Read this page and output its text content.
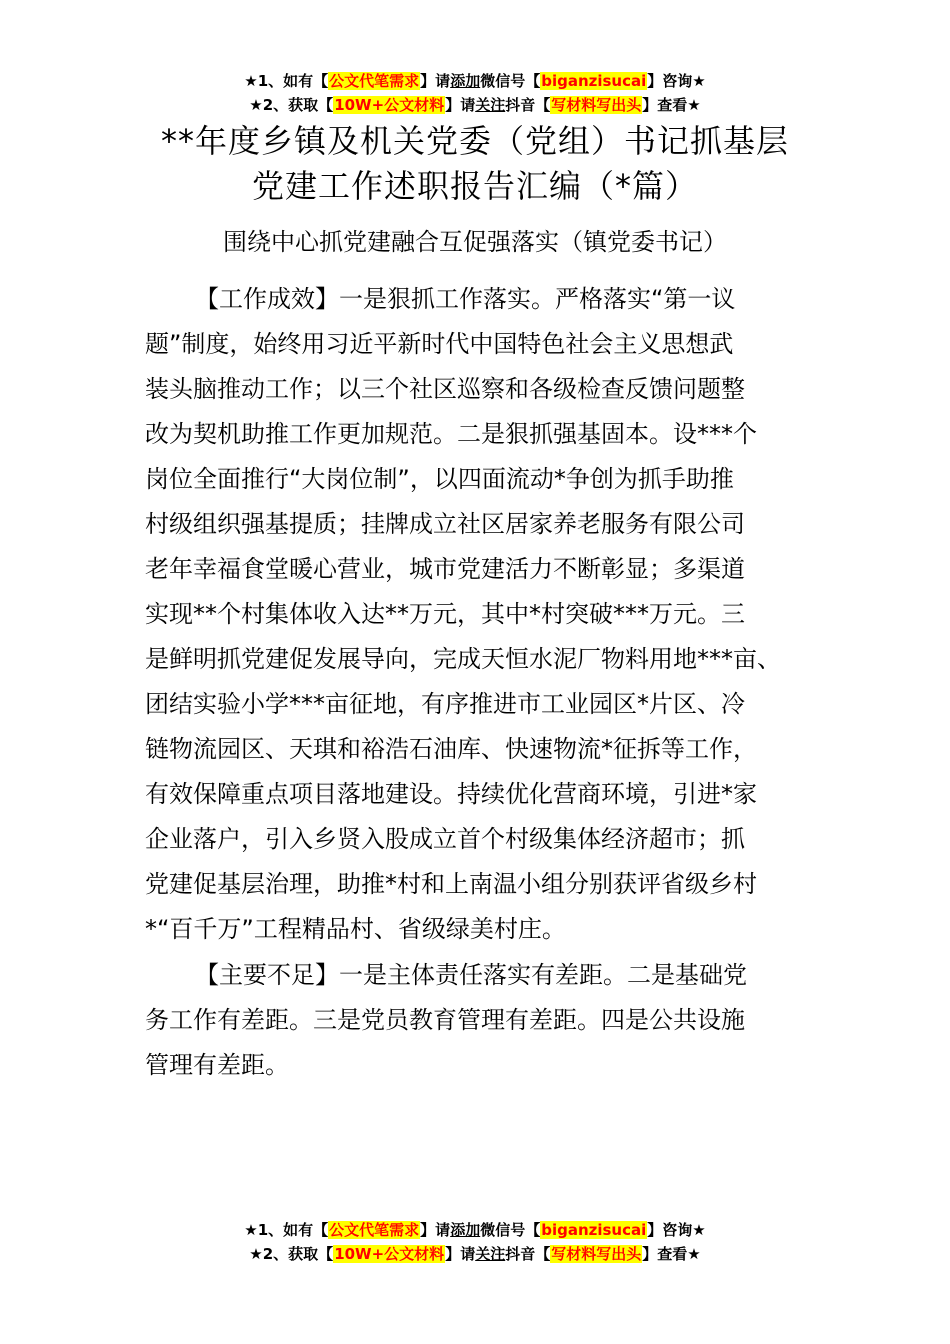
★1、如有【公文代笔需求】请添加微信号【biganzisucai】咨询★
★2、获取【10W+公文材料】请关注抖音【写材料写出头】查看★
**年度乡镇及机关党委（党组）书记抓基层
党建工作述职报告汇编（*篇）
围绕中心抓党建融合互促强落实（镇党委书记）
【工作成效】一是狠抓工作落实。严格落实“第一议
题”制度，始终用习近平新时代中国特色社会主义思想武
装头脑推动工作；以三个社区巡察和各级检查反馈问题整
改为契机助推工作更加规范。二是狠抓强基固本。设***个
岗位全面推行“大岗位制”，以四面流动*争创为抓手助推
村级组织强基提质；挂牌成立社区居家养老服务有限公司
老年幸福食堂暖心营业，城市党建活力不断彰显；多渠道
实现**个村集体收入达**万元，其中*村突破***万元。三
是鲜明抓党建促发展导向，完成天恒水泥厂物料用地***亩、
团结实验小学***亩征地，有序推进市工业园区*片区、冷
链物流园区、天琪和裕浩石油库、快速物流*征拆等工作，
有效保障重点项目落地建设。持续优化营商环境，引进*家
企业落户，引入乡贤入股成立首个村级集体经济超市；抓
党建促基层治理，助推*村和上南温小组分别获评省级乡村
*“百千万”工程精品村、省级绿美村庄。
【主要不足】一是主体责任落实有差距。二是基础党
务工作有差距。三是党员教育管理有差距。四是公共设施
管理有差距。
★1、如有【公文代笔需求】请添加微信号【biganzisucai】咨询★
★2、获取【10W+公文材料】请关注抖音【写材料写出头】查看★
